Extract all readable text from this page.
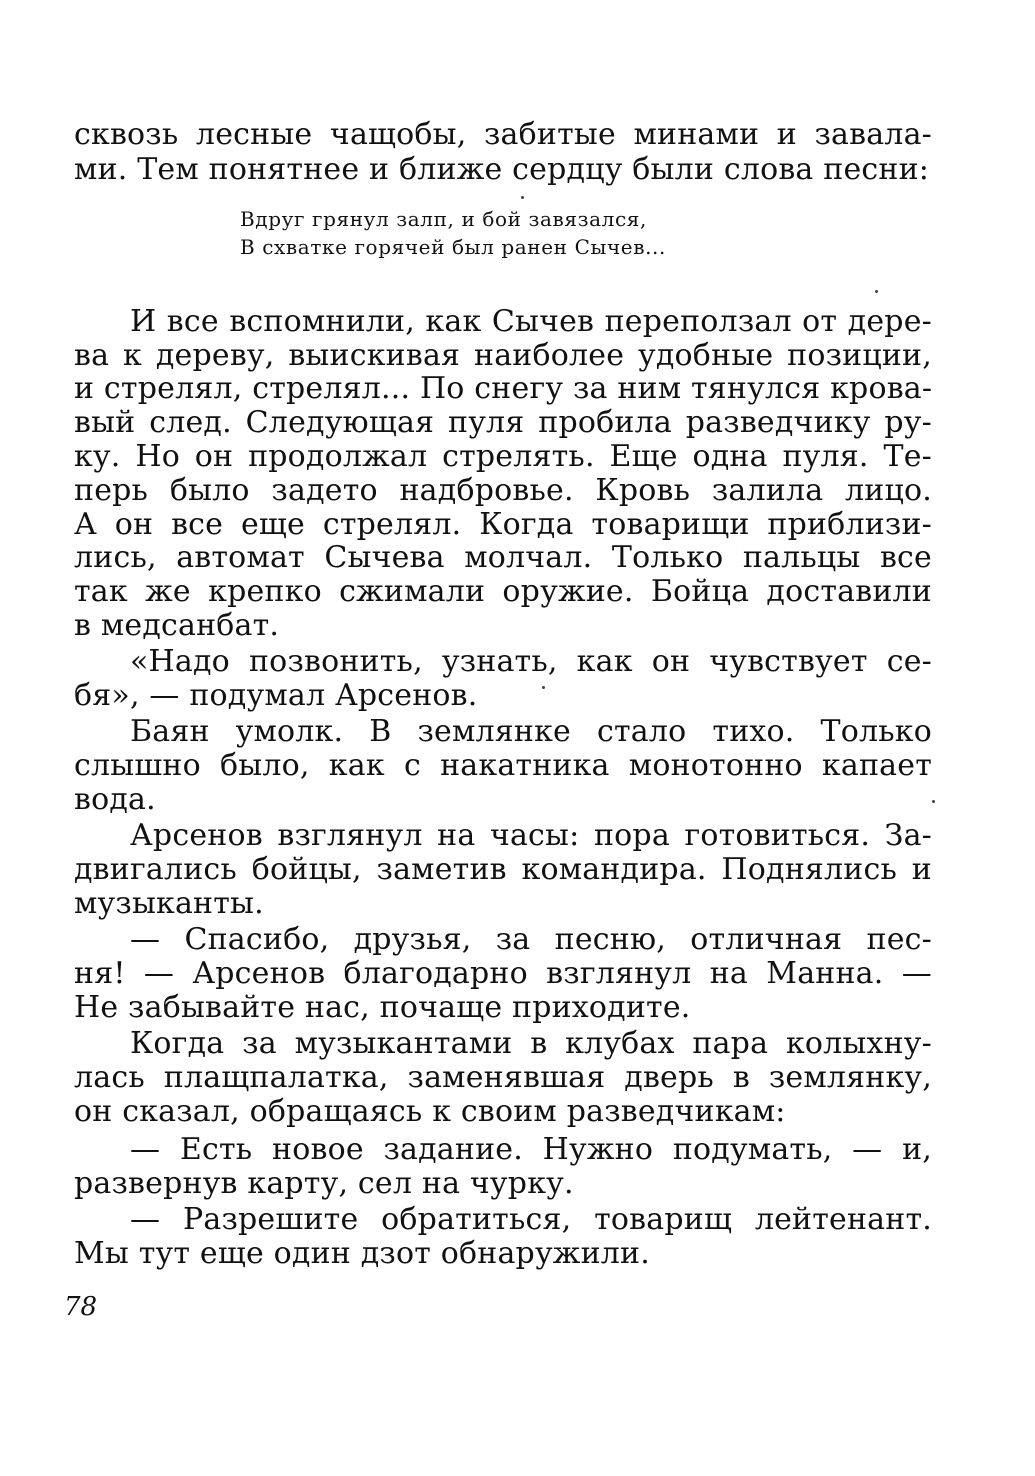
сквозь лесные чащобы, забитые минами и завала-
ми. Тем понятнее и ближе сердцу были слова песни:
Вдруг грянул залп, и бой завязался,
В схватке горячей был ранен Сычев...
И все вспомнили, как Сычев переползал от дере-
ва к дереву, выискивая наиболее удобные позиции,
и стрелял, стрелял... По снегу за ним тянулся крова-
вый след. Следующая пуля пробила разведчику ру-
ку. Но он продолжал стрелять. Еще одна пуля. Те-
перь было задето надбровье. Кровь залила лицо.
А он все еще стрелял. Когда товарищи приблизи-
лись, автомат Сычева молчал. Только пальцы все
так же крепко сжимали оружие. Бойца доставили
в медсанбат.
«Надо позвонить, узнать, как он чувствует се-
бя», — подумал Арсенов.
Баян умолк. В землянке стало тихо. Только
слышно было, как с накатника монотонно капает
вода.
Арсенов взглянул на часы: пора готовиться. За-
двигались бойцы, заметив командира. Поднялись и
музыканты.
— Спасибо, друзья, за песню, отличная пес-
ня! — Арсенов благодарно взглянул на Манна. —
Не забывайте нас, почаще приходите.
Когда за музыкантами в клубах пара колыхну-
лась плащпалатка, заменявшая дверь в землянку,
он сказал, обращаясь к своим разведчикам:
— Есть новое задание. Нужно подумать, — и,
развернув карту, сел на чурку.
— Разрешите обратиться, товарищ лейтенант.
Мы тут еще один дзот обнаружили.
78
